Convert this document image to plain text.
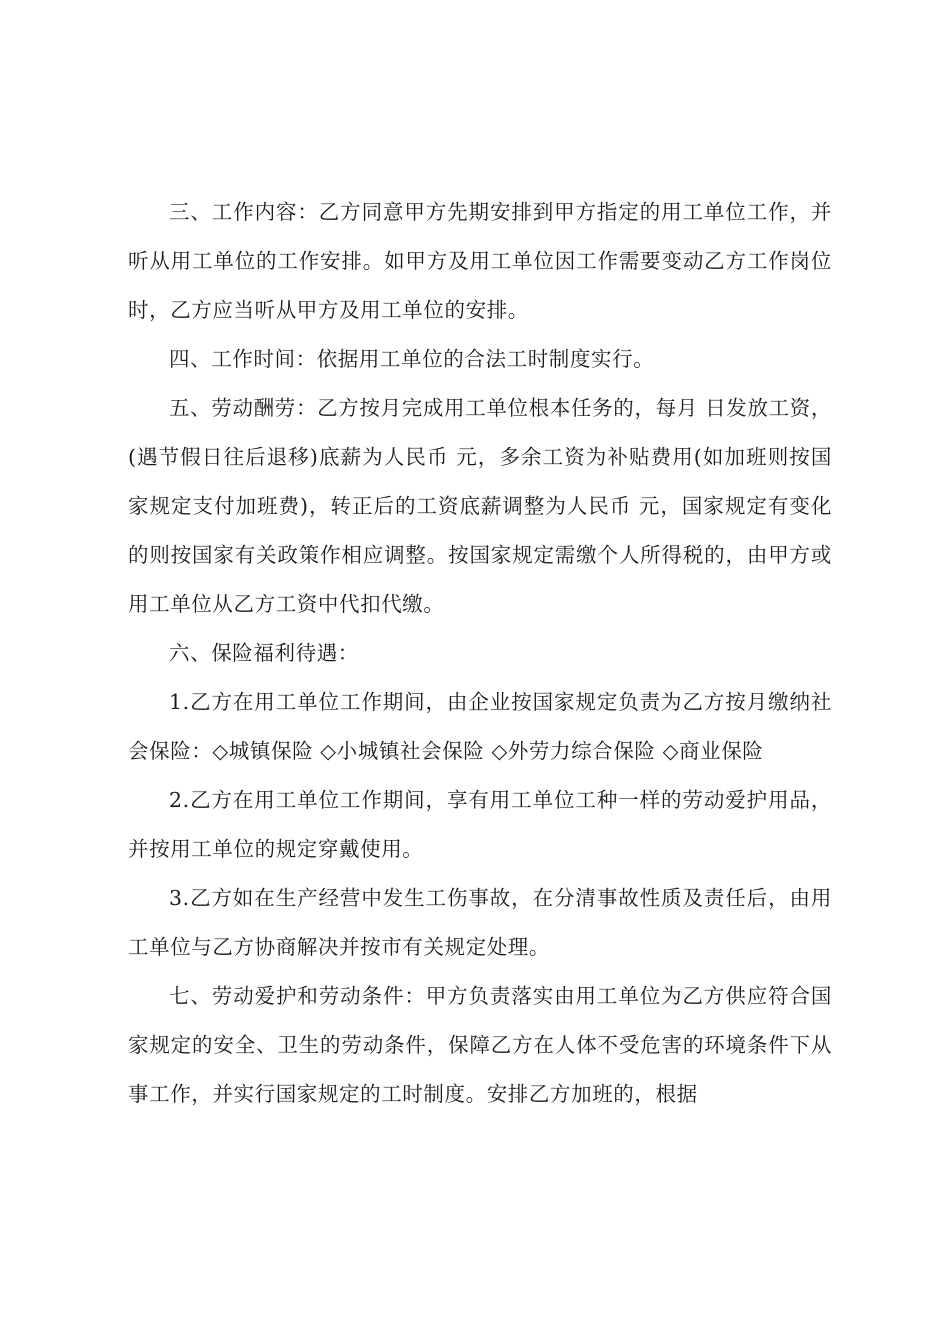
三、工作内容：乙方同意甲方先期安排到甲方指定的用工单位工作，并听从用工单位的工作安排。如甲方及用工单位因工作需要变动乙方工作岗位时，乙方应当听从甲方及用工单位的安排。

四、工作时间：依据用工单位的合法工时制度实行。

五、劳动酬劳：乙方按月完成用工单位根本任务的，每月 日发放工资，(遇节假日往后退移)底薪为人民币 元，多余工资为补贴费用(如加班则按国家规定支付加班费)，转正后的工资底薪调整为人民币 元，国家规定有变化的则按国家有关政策作相应调整。按国家规定需缴个人所得税的，由甲方或用工单位从乙方工资中代扣代缴。

六、保险福利待遇：

1.乙方在用工单位工作期间，由企业按国家规定负责为乙方按月缴纳社会保险：◇城镇保险 ◇小城镇社会保险 ◇外劳力综合保险 ◇商业保险

2.乙方在用工单位工作期间，享有用工单位工种一样的劳动爱护用品，并按用工单位的规定穿戴使用。

3.乙方如在生产经营中发生工伤事故，在分清事故性质及责任后，由用工单位与乙方协商解决并按市有关规定处理。

七、劳动爱护和劳动条件：甲方负责落实由用工单位为乙方供应符合国家规定的安全、卫生的劳动条件，保障乙方在人体不受危害的环境条件下从事工作，并实行国家规定的工时制度。安排乙方加班的，根据
